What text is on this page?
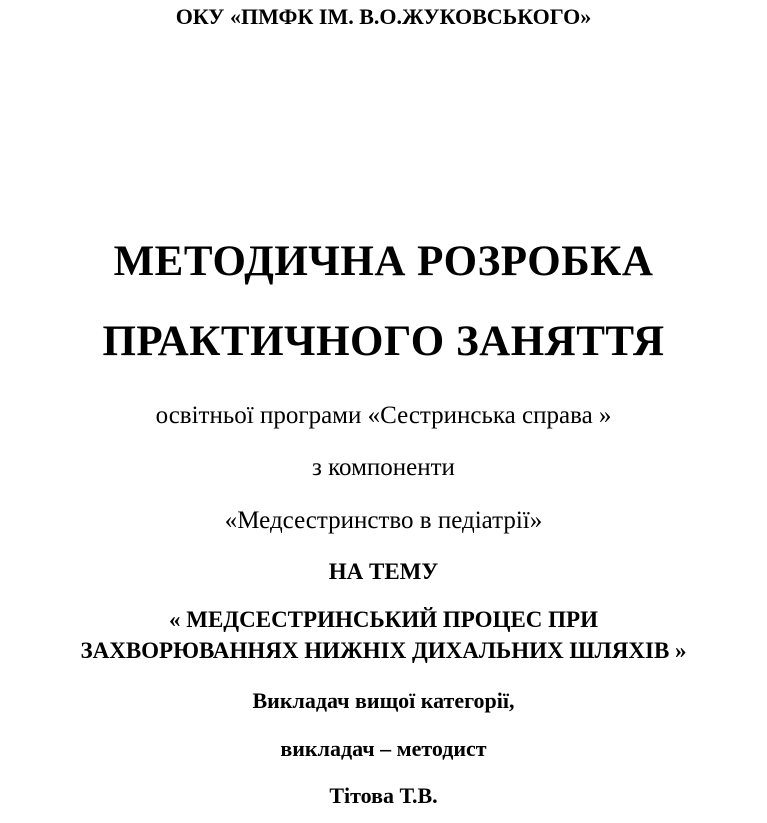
ОКУ «ПМФК ІМ. В.О.ЖУКОВСЬКОГО»
МЕТОДИЧНА РОЗРОБКА
ПРАКТИЧНОГО ЗАНЯТТЯ
освітньої програми «Сестринська справа »
з компоненти
«Медсестринство в педіатрії»
НА ТЕМУ
« МЕДСЕСТРИНСЬКИЙ ПРОЦЕС ПРИ
ЗАХВОРЮВАННЯХ НИЖНІХ ДИХАЛЬНИХ ШЛЯХІВ »
Викладач вищої категорії,
викладач – методист
Тітова Т.В.
